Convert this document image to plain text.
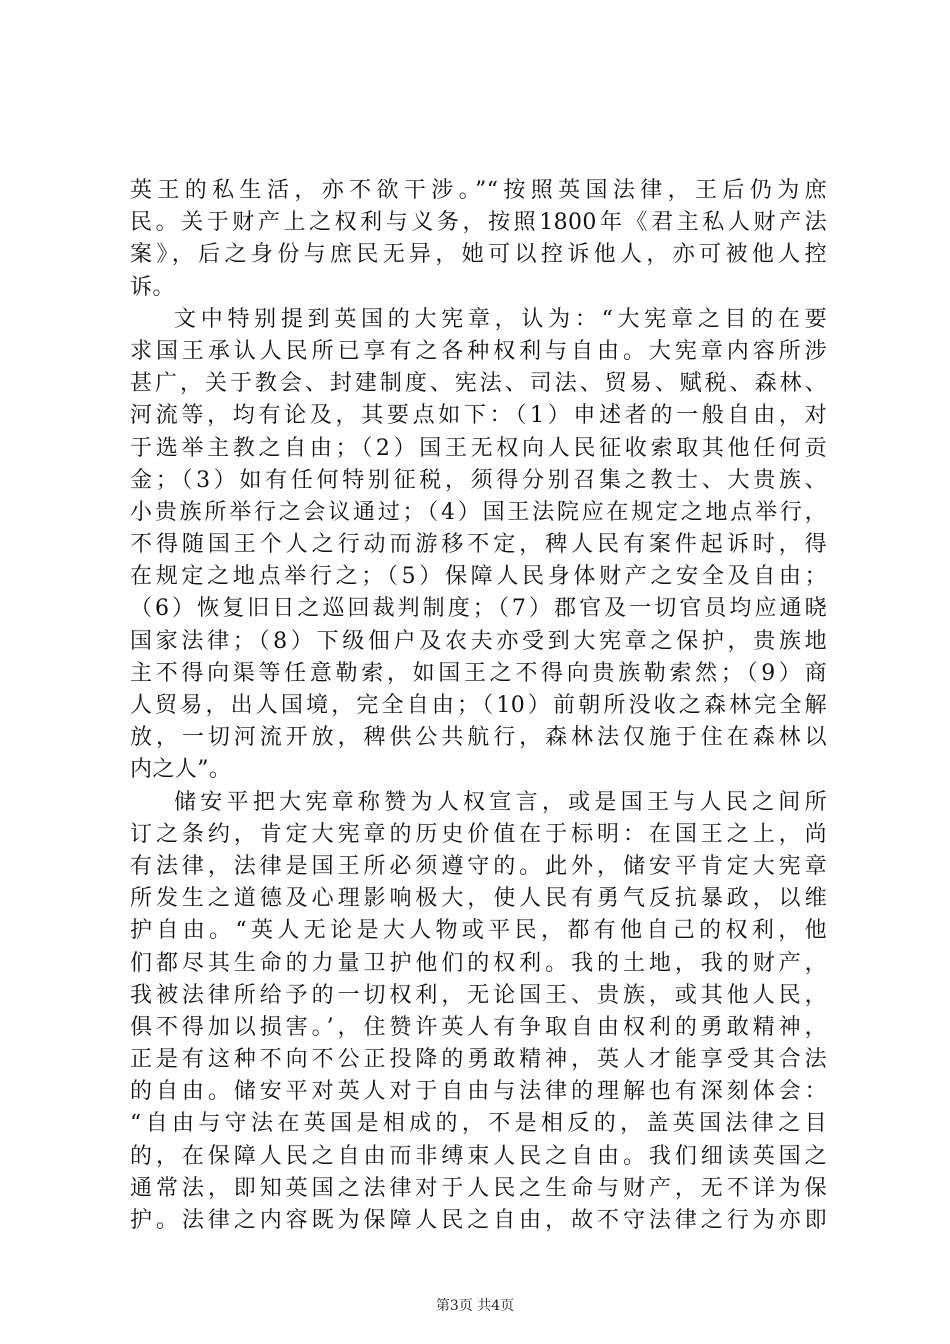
英王的私生活，亦不欲干涉。”“按照英国法律，王后仍为庶
民。关于财产上之权利与义务，按照1800年《君主私人财产法
案》，后之身份与庶民无异，她可以控诉他人，亦可被他人控
诉。
文中特别提到英国的大宪章，认为：“大宪章之目的在要
求国王承认人民所已享有之各种权利与自由。大宪章内容所涉
甚广，关于教会、封建制度、宪法、司法、贸易、赋税、森林、
河流等，均有论及，其要点如下：（1）申述者的一般自由，对
于选举主教之自由；（2）国王无权向人民征收索取其他任何贡
金；（3）如有任何特别征税，须得分别召集之教士、大贵族、
小贵族所举行之会议通过；（4）国王法院应在规定之地点举行，
不得随国王个人之行动而游移不定，稗人民有案件起诉时，得
在规定之地点举行之；（5）保障人民身体财产之安全及自由；
（6）恢复旧日之巡回裁判制度；（7）郡官及一切官员均应通晓
国家法律；（8）下级佃户及农夫亦受到大宪章之保护，贵族地
主不得向渠等任意勒索，如国王之不得向贵族勒索然；（9）商
人贸易，出人国境，完全自由；（10）前朝所没收之森林完全解
放，一切河流开放，稗供公共航行，森林法仅施于住在森林以
内之人”。
储安平把大宪章称赞为人权宣言，或是国王与人民之间所
订之条约，肯定大宪章的历史价值在于标明：在国王之上，尚
有法律，法律是国王所必须遵守的。此外，储安平肯定大宪章
所发生之道德及心理影响极大，使人民有勇气反抗暴政，以维
护自由。“英人无论是大人物或平民，都有他自己的权利，他
们都尽其生命的力量卫护他们的权利。我的土地，我的财产，
我被法律所给予的一切权利，无论国王、贵族，或其他人民，
俱不得加以损害。’，住赞许英人有争取自由权利的勇敢精神，
正是有这种不向不公正投降的勇敢精神，英人才能享受其合法
的自由。储安平对英人对于自由与法律的理解也有深刻体会：
“自由与守法在英国是相成的，不是相反的，盖英国法律之目
的，在保障人民之自由而非缚束人民之自由。我们细读英国之
通常法，即知英国之法律对于人民之生命与财产，无不详为保
护。法律之内容既为保障人民之自由，故不守法律之行为亦即
第3页 共4页
